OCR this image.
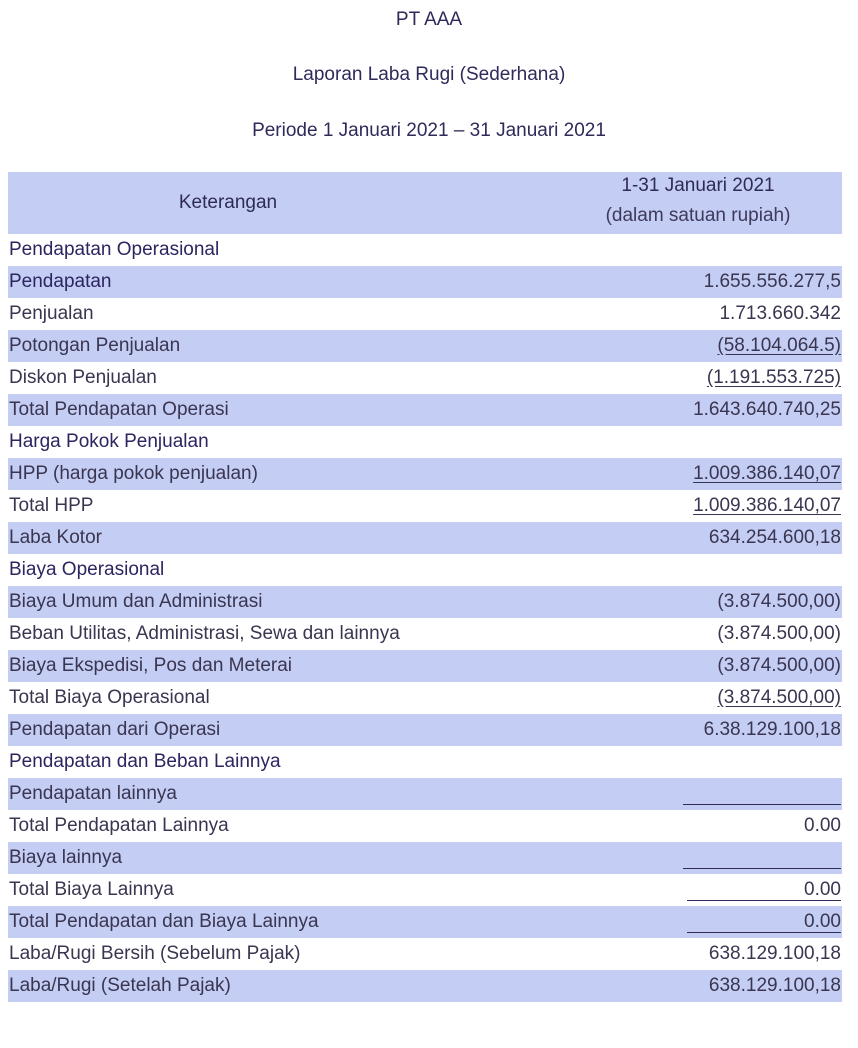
PT AAA
Laporan Laba Rugi (Sederhana)
Periode 1 Januari 2021 – 31 Januari 2021
Keterangan
1-31 Januari 2021
(dalam satuan rupiah)
Pendapatan Operasional
Pendapatan	1.655.556.277,5
Penjualan	1.713.660.342
Potongan Penjualan	(58.104.064.5)
Diskon Penjualan	(1.191.553.725)
Total Pendapatan Operasi	1.643.640.740,25
Harga Pokok Penjualan
HPP (harga pokok penjualan)	1.009.386.140,07
Total HPP	1.009.386.140,07
Laba Kotor	634.254.600,18
Biaya Operasional
Biaya Umum dan Administrasi	(3.874.500,00)
Beban Utilitas, Administrasi, Sewa dan lainnya	(3.874.500,00)
Biaya Ekspedisi, Pos dan Meterai	(3.874.500,00)
Total Biaya Operasional	(3.874.500,00)
Pendapatan dari Operasi	6.38.129.100,18
Pendapatan dan Beban Lainnya
Pendapatan lainnya
Total Pendapatan Lainnya	0.00
Biaya lainnya
Total Biaya Lainnya	0.00
Total Pendapatan dan Biaya Lainnya	0.00
Laba/Rugi Bersih (Sebelum Pajak)	638.129.100,18
Laba/Rugi (Setelah Pajak)	638.129.100,18
